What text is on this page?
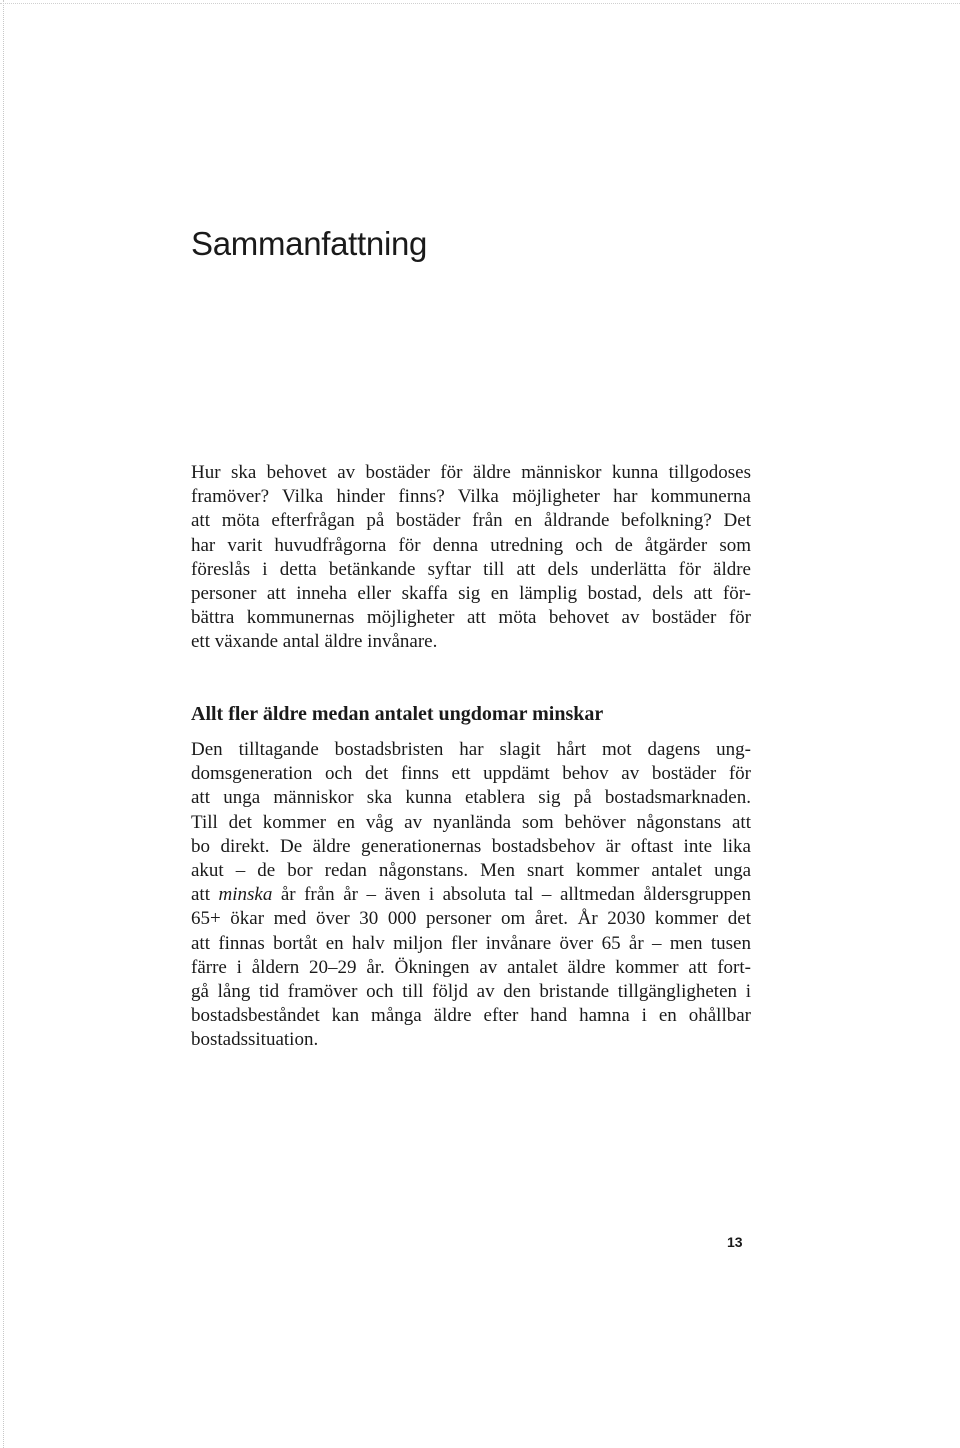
Sammanfattning
Hur ska behovet av bostäder för äldre människor kunna tillgodoses
framöver? Vilka hinder finns? Vilka möjligheter har kommunerna
att möta efterfrågan på bostäder från en åldrande befolkning? Det
har varit huvudfrågorna för denna utredning och de åtgärder som
föreslås i detta betänkande syftar till att dels underlätta för äldre
personer att inneha eller skaffa sig en lämplig bostad, dels att för-
bättra kommunernas möjligheter att möta behovet av bostäder för
ett växande antal äldre invånare.
Allt fler äldre medan antalet ungdomar minskar
Den tilltagande bostadsbristen har slagit hårt mot dagens ung-
domsgeneration och det finns ett uppdämt behov av bostäder för
att unga människor ska kunna etablera sig på bostadsmarknaden.
Till det kommer en våg av nyanlända som behöver någonstans att
bo direkt. De äldre generationernas bostadsbehov är oftast inte lika
akut – de bor redan någonstans. Men snart kommer antalet unga
att minska år från år – även i absoluta tal – alltmedan åldersgruppen
65+ ökar med över 30 000 personer om året. År 2030 kommer det
att finnas bortåt en halv miljon fler invånare över 65 år – men tusen
färre i åldern 20–29 år. Ökningen av antalet äldre kommer att fort-
gå lång tid framöver och till följd av den bristande tillgängligheten i
bostadsbeståndet kan många äldre efter hand hamna i en ohållbar
bostadssituation.
13
